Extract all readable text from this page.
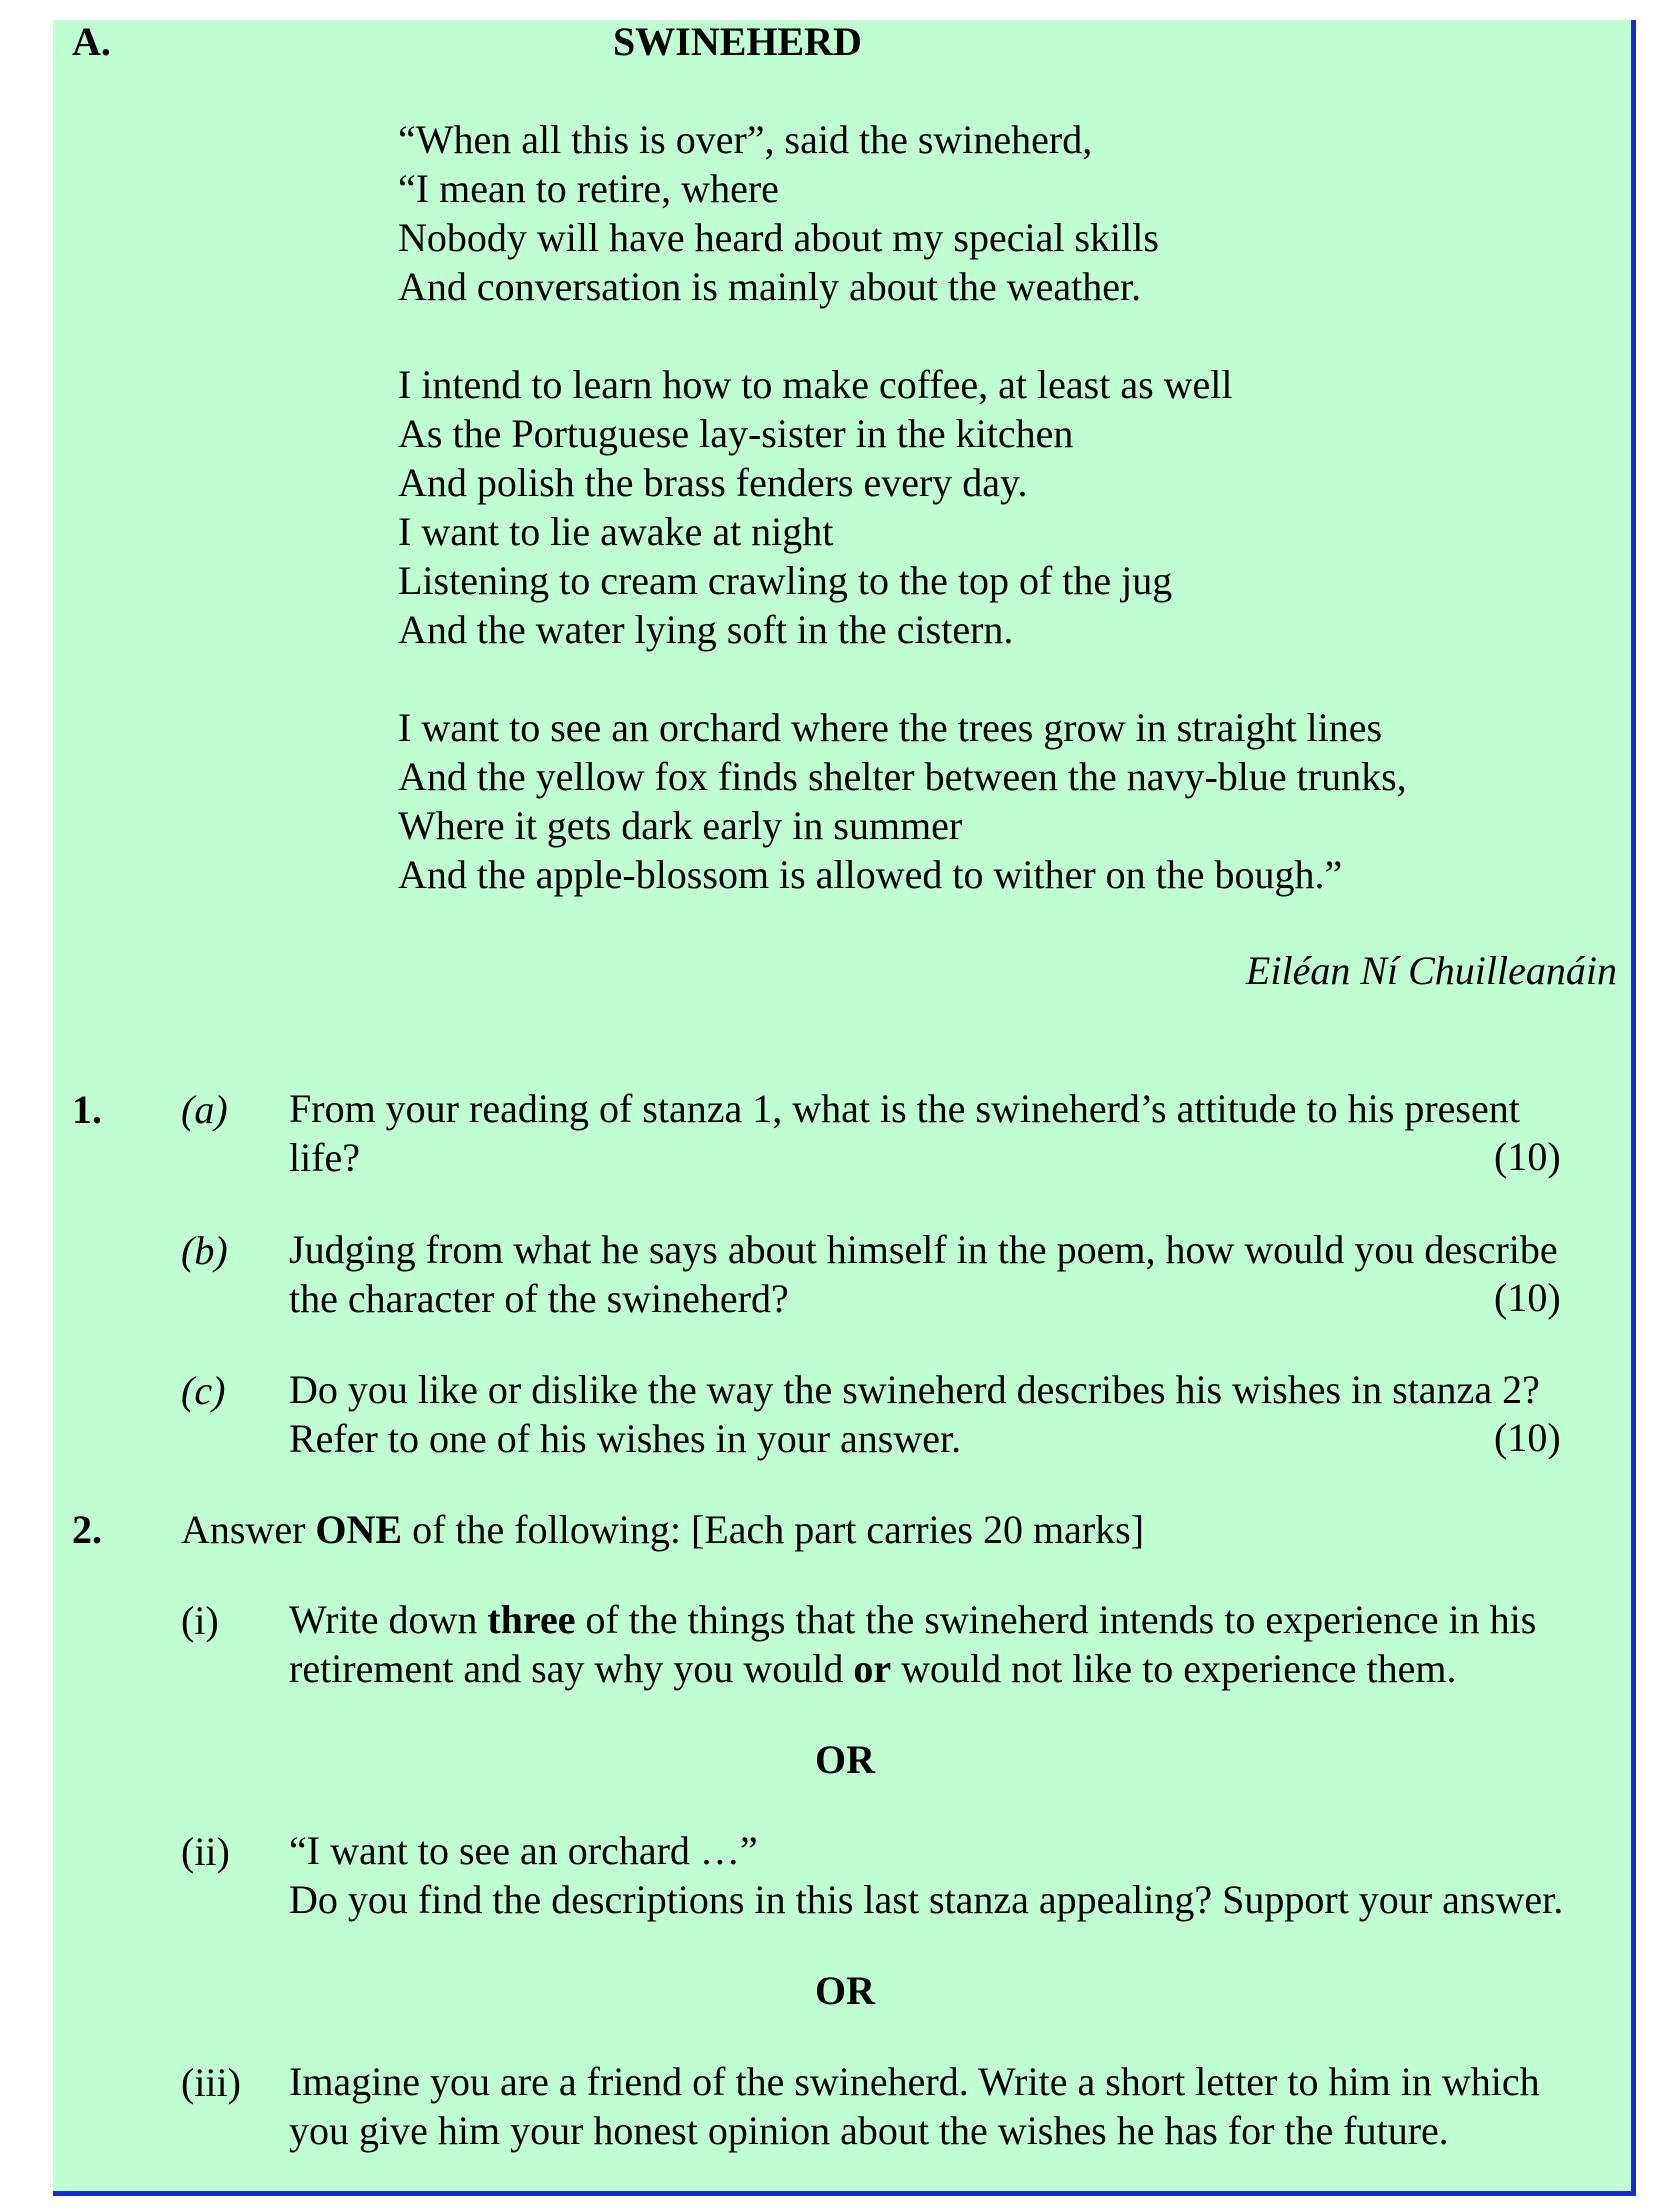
A.	SWINEHERD
“When all this is over”, said the swineherd,
“I mean to retire, where
Nobody will have heard about my special skills
And conversation is mainly about the weather.
I intend to learn how to make coffee, at least as well
As the Portuguese lay-sister in the kitchen
And polish the brass fenders every day.
I want to lie awake at night
Listening to cream crawling to the top of the jug
And the water lying soft in the cistern.
I want to see an orchard where the trees grow in straight lines
And the yellow fox finds shelter between the navy-blue trunks,
Where it gets dark early in summer
And the apple-blossom is allowed to wither on the bough.”
Eiléan Ní Chuilleanáin
1. (a) From your reading of stanza 1, what is the swineherd’s attitude to his present
life?	(10)
(b) Judging from what he says about himself in the poem, how would you describe
the character of the swineherd?	(10)
(c) Do you like or dislike the way the swineherd describes his wishes in stanza 2?
Refer to one of his wishes in your answer.	(10)
2. Answer ONE of the following: [Each part carries 20 marks]
(i) Write down three of the things that the swineherd intends to experience in his
retirement and say why you would or would not like to experience them.
OR
(ii) “I want to see an orchard …”
Do you find the descriptions in this last stanza appealing? Support your answer.
OR
(iii) Imagine you are a friend of the swineherd. Write a short letter to him in which
you give him your honest opinion about the wishes he has for the future.
